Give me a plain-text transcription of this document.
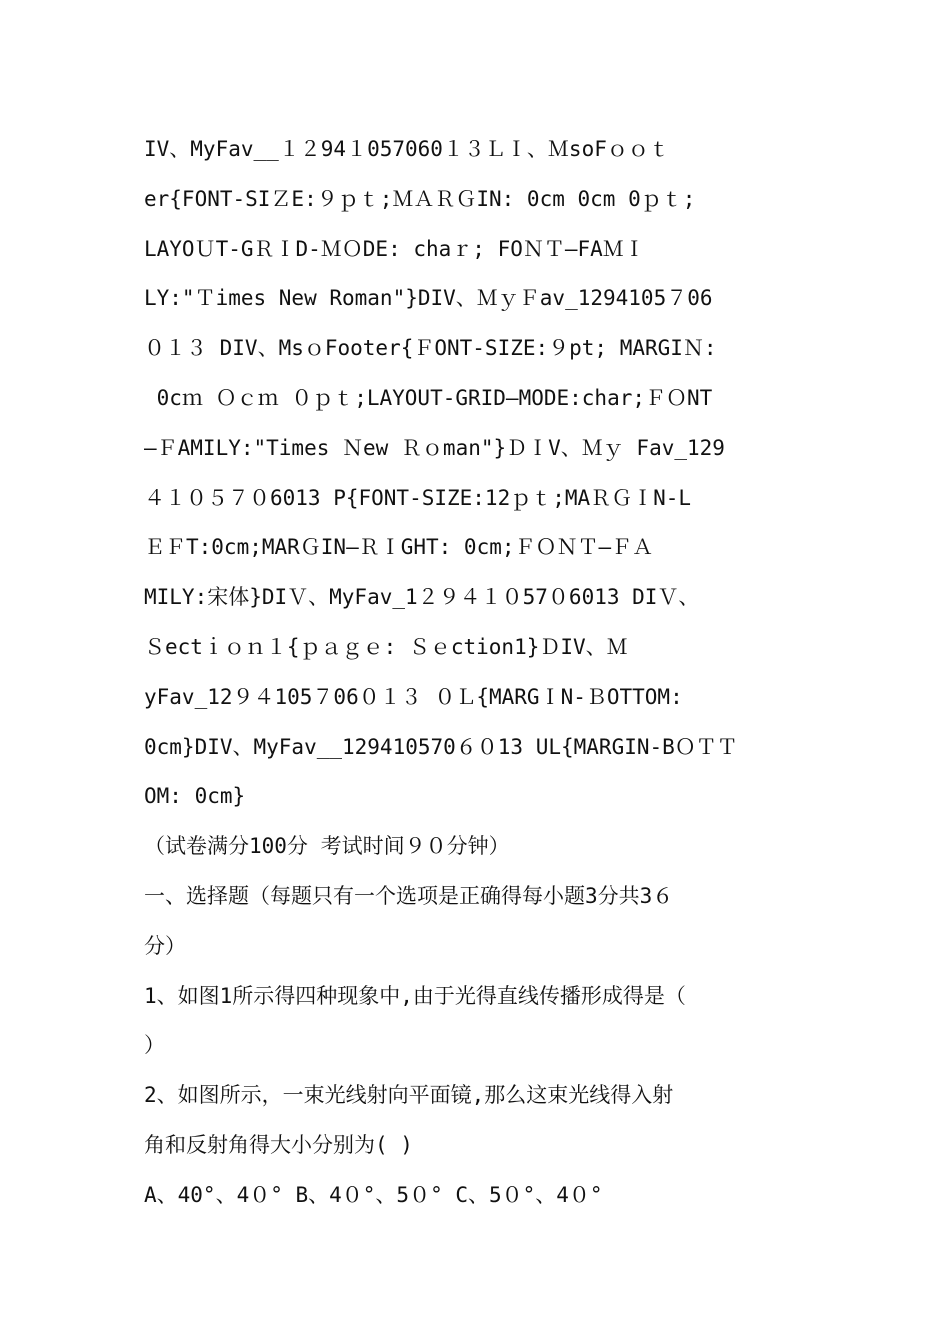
IV、MyFav__１２94１057060１３ＬＩ、ＭsoFｏｏｔ
er{FONT-SIＺE:９ｐｔ;ＭＡＲＧIN: 0cm 0cm 0ｐｔ;
LAYOＵT-GＲＩD-ＭＯDE: chaｒ; FOＮＴ—FAＭＩ
LY:"Ｔimes New Roman"}DIV、ＭｙＦav_1294105７06
０１３ DIV、MsｏFooter{ＦONT-SIZE:９pt; MARGIＮ:
0cｍ Ｏｃｍ ０ｐｔ;LAYOUT-GRID—MODE:char;ＦＯNT
—ＦAMILY:"Times Ｎew Ｒｏman"}ＤＩV、Ｍｙ Fav_129
４１０５７０6013 P{FONT-SIZE:12ｐｔ;MAＲＧＩN-L
ＥＦT:0cm;MARＧIN—ＲＩGHT: 0cm;ＦＯＮＴ—ＦＡ
MILY:宋体}DIＶ、MyFav_1２９４１０57０6013 DIＶ、
Ｓectｉｏｎ１{ｐａｇｅ: Ｓｅction1}ＤIV、Ｍ
yFav_12９４105７06０１３ ０Ｌ{MARGＩN-ＢOTTOM:
0cm}DIV、MyFav__129410570６０13 UL{MARGIN-BＯＴＴ
OM: 0cm}
（试卷满分100分 考试时间９０分钟）
一、选择题（每题只有一个选项是正确得每小题3分共3６
分）
1、如图1所示得四种现象中,由于光得直线传播形成得是（
）
2、如图所示，一束光线射向平面镜,那么这束光线得入射
角和反射角得大小分别为( )
A、40°、4０° B、4０°、5０° C、5０°、4０°
